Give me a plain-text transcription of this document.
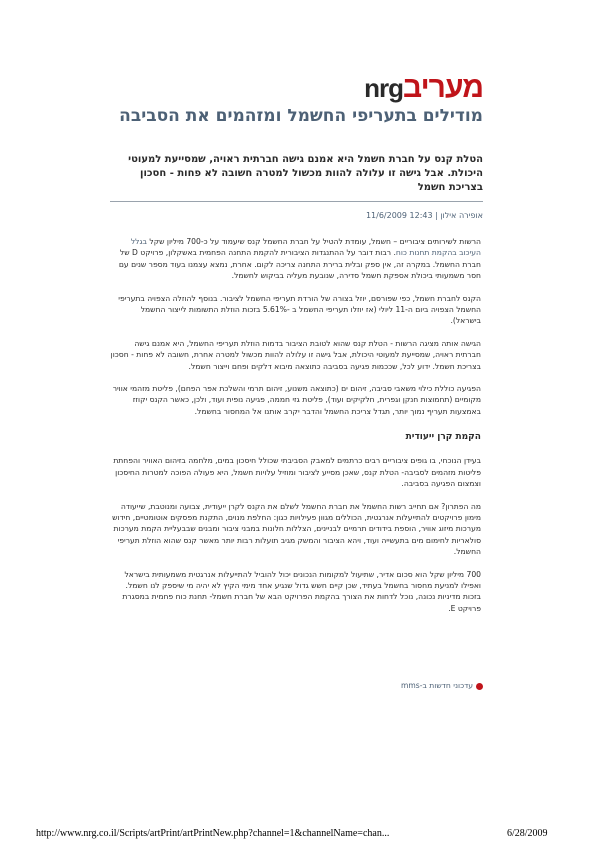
nrgמעריב
מודילים בתעריפי החשמל ומזהמים את הסביבה
הטלת קנס על חברת חשמל היא אמנם גישה חברתית ראויה, שמסייעת למעוטי היכולת. אבל גישה זו עלולה להוות מכשול למטרה חשובה לא פחות - חסכון בצריכת חשמל
אופירה אילון | 12:43 11/6/2009

הרשות לשירותים ציבוריים – חשמל, עומדת להטיל על חברת החשמל קנס שיעמוד על כ-700 מיליון שקל בגלל העיכוב בהקמת תחנות כוח. רבות דובר על ההתנגדות הציבורית להקמת התחנה הפחמית באשקלון, פרויקט D של חברת החשמל. במקרה זה, אין ספק ובלית ברירת התחנה צריכה לקום. אחרת, נמצא עצמנו בעוד מספר שנים עם חסר משמעותי ביכולת אספקת חשמל סדירה, שנובעת מעליה בביקוש לחשמל.

הקנס לחברת חשמל, כפי שפורסם, יוזל בצורה של הורדת תעריפי החשמל לציבור. בנוסף להוזלה הצפויה בתעריפי החשמל הצפויה ביום ה-11 ליולי (אז יוזלו תעריפי החשמל ב -5.61% בזכות הוזלת התשומות לייצור החשמל בישראל).

הגישה אותה מציגה הרשות - הטלת קנס שהוא לטובת הציבור בדמות הוזלת תעריפי החשמל, היא אמנם גישה חברתית ראויה, שמסייעת למעוטי היכולת, אבל גישה זו עלולה להוות מכשול למטרה אחרת, חשובה לא פחות - חסכון בצריכת חשמל. ידוע לכל, שככמות פגיעה בסביבה כתוצאה מיבוא דלקים ופחם וייצור חשמל.

הפגיעה כוללת כילוי משאבי סביבה, זיהום ים (כתוצאה משנוע, זיהום תרמי והשלכת אפר הפחם), פליטת מזהמי אוויר מקומיים (תחמוצות חנקן וגפרית, חלקיקים ועוד), פליטת גזי חממה, פגיעה נופית ועוד, ולכן, כאשר הקנס יקוזז באמצעות תעריף נמוך יותר, תגדל צריכת החשמל והדבר יקרב אותנו אל המחסור בחשמל.

הקמת קרן ייעודית

בעידן הנוכחי, בו גופים ציבוריים רבים כרתמים למאבק הסביבתי שכולל חיסכון במים, מלחמה בזיהום האוויר והפחתת פליטות מזהמים לסביבה- הטלת קנס, שאכן מסייע לציבור ומוזיל עלויות חשמל, היא פעולה הפוכה למטרות החיסכון וצמצום הפגיעה בסביבה.

מה הפתרון? אם תחייב רשות החשמל את חברת החשמל לשלם את הקנס לקרן ייעודית, צבועה ומנוטבת, שייעודה מימון פרויקטים להתייעלות אנרגטית, הכוללים מגוון פעילויות כגון: החלפת מנוים, התקנת מפסקים אוטומטיים, חידוש מערכות מיזוג אוויר, הוספת בידודים תרמיים לבניינים, הצללות חלונות במבני ציבור ומבנים שבבעליית הקמת מערכות סולאריות לחימום מים בתעשייה ועוד, ויהא הציבור והמשק מגיב תועלות רבות יותר מאשר קנס שהוא הוזלת תעריפי החשמל.

700 מיליון שקל הוא סכום אדיר, שתיעול למקומות הנכונים יכול להוביל להתייעלות אנרגטית משמעותית בישראל ואפילו למניעת מחסור בחשמל בעתיד, שכן קיים חשש גדול שנגיע אחד מימי הקיץ לא יהיה מי שיספק לנו חשמל. בזכות מדיניות נכונה, נוכל לדחות את הצורך בהקמת הפרויקט הבא של חברת חשמל- תחנת כוח פחמית במסגרת פרויקט E.

עדכוני חדשות ב-mms
http://www.nrg.co.il/Scripts/artPrint/artPrintNew.php?channel=1&channelName=chan...	6/28/2009
